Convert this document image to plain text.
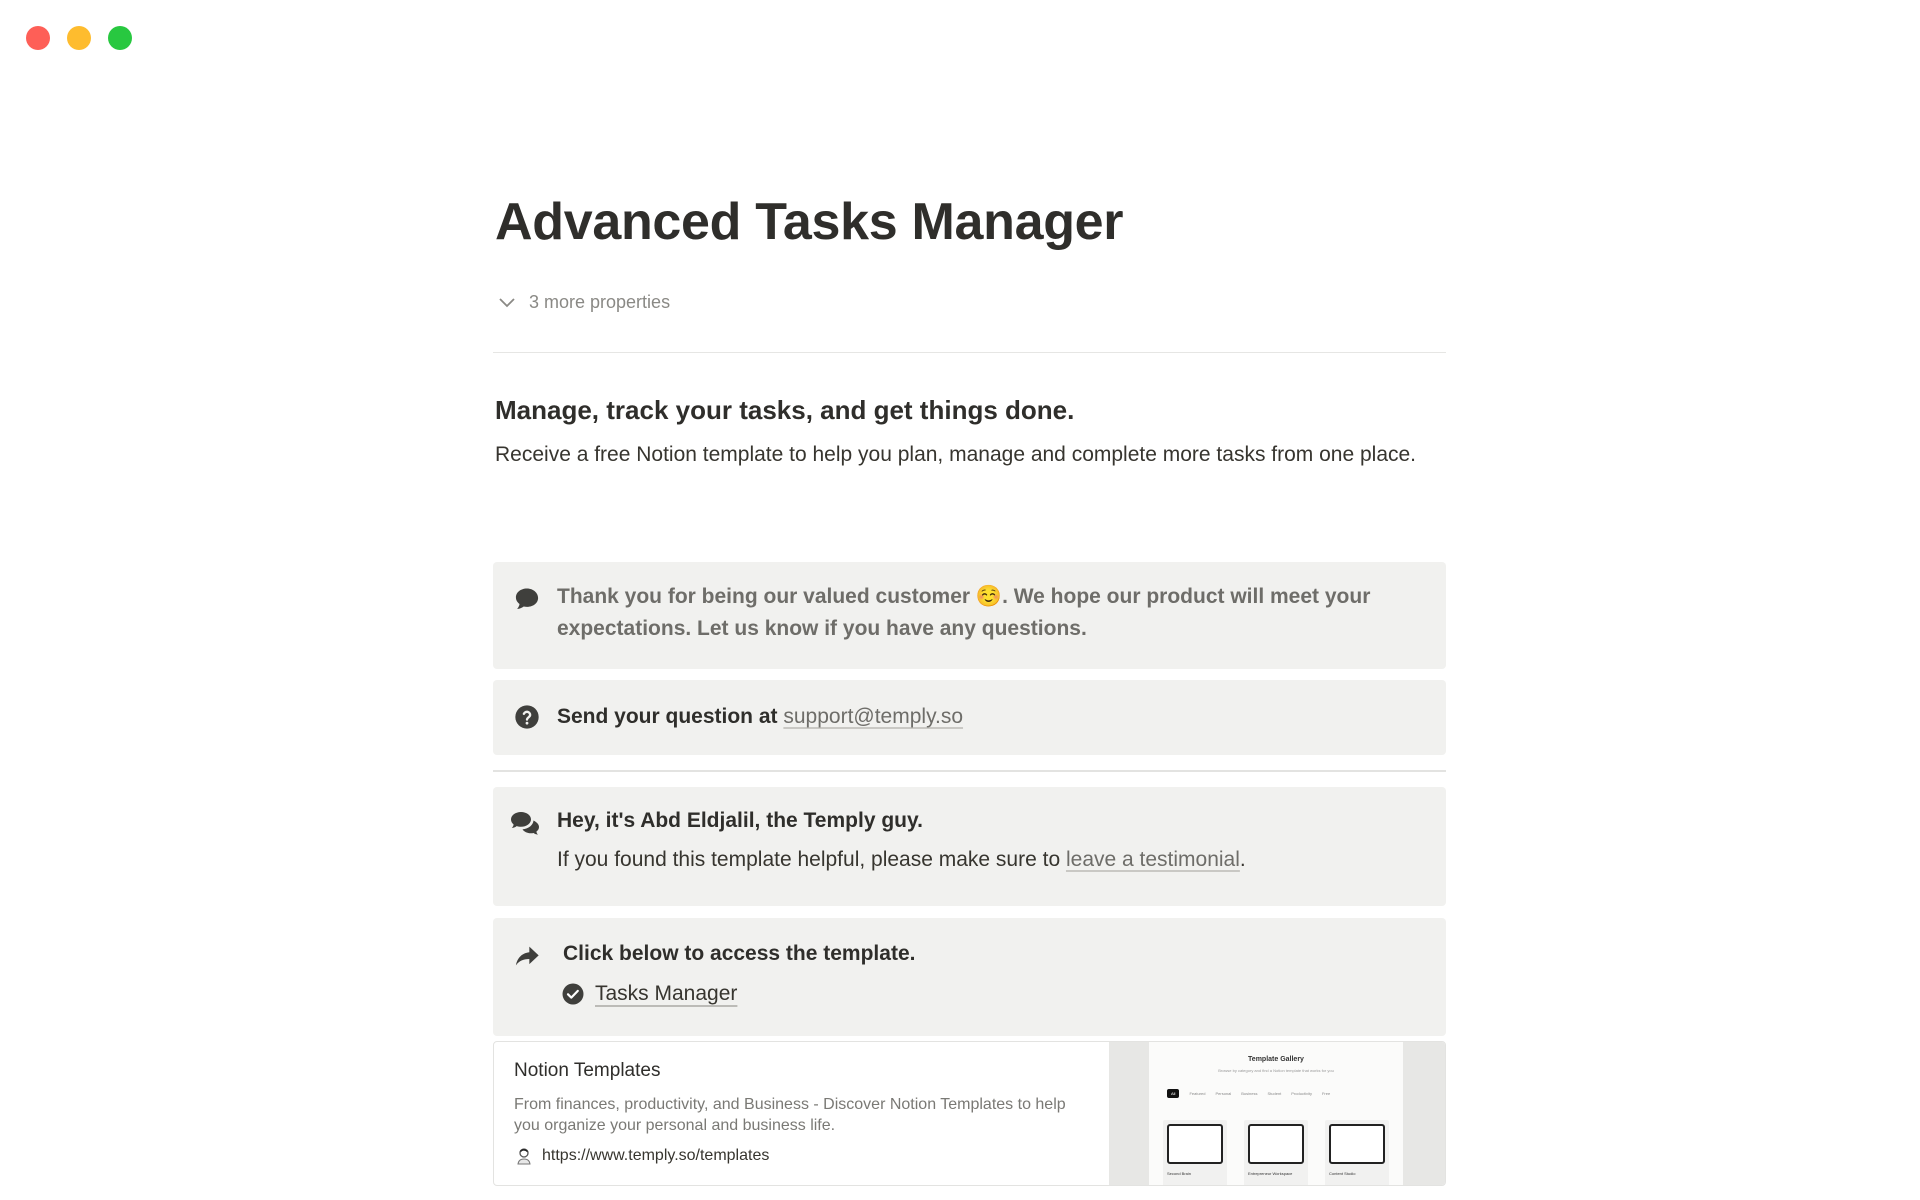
Advanced Tasks Manager
3 more properties
Manage, track your tasks, and get things done.

Receive a free Notion template to help you plan, manage and complete more tasks from one place.

Thank you for being our valued customer ☺️. We hope our product will meet your expectations. Let us know if you have any questions.
Send your question at support@temply.so
Hey, it's Abd Eldjalil, the Temply guy.
If you found this template helpful, please make sure to leave a testimonial.
Click below to access the template.
Tasks Manager
Notion Templates
From finances, productivity, and Business - Discover Notion Templates to help you organize your personal and business life.
https://www.temply.so/templates
Template Gallery
Browse by category and find a Notion template that works for you
All	Featured	Personal	Business	Student	Productivity	Free
Second Brain	Entrepreneur Workspace	Content Studio
